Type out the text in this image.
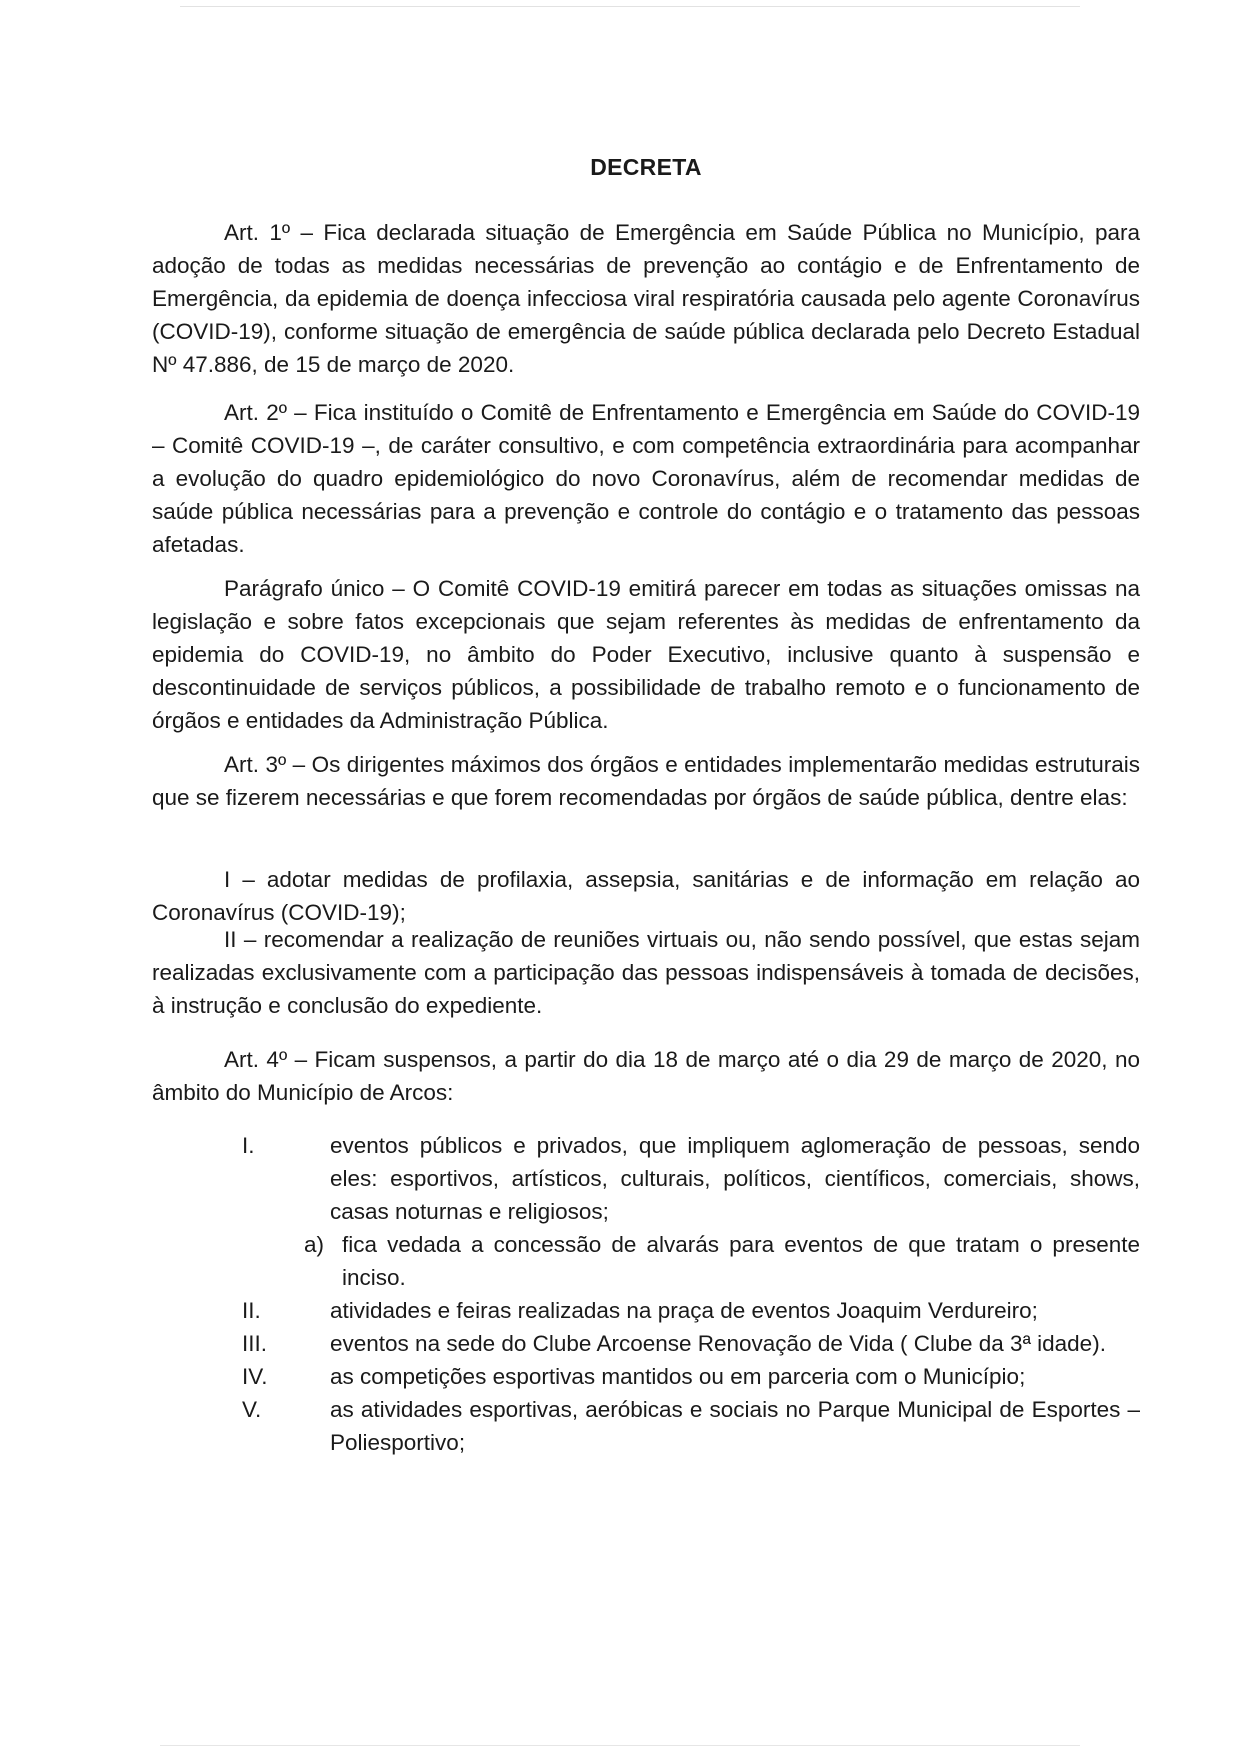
DECRETA

Art. 1º – Fica declarada situação de Emergência em Saúde Pública no Município, para adoção de todas as medidas necessárias de prevenção ao contágio e de Enfrentamento de Emergência, da epidemia de doença infecciosa viral respiratória causada pelo agente Coronavírus (COVID-19), conforme situação de emergência de saúde pública declarada pelo Decreto Estadual Nº 47.886, de 15 de março de 2020.

Art. 2º – Fica instituído o Comitê de Enfrentamento e Emergência em Saúde do COVID-19 – Comitê COVID-19 –, de caráter consultivo, e com competência extraordinária para acompanhar a evolução do quadro epidemiológico do novo Coronavírus, além de recomendar medidas de saúde pública necessárias para a prevenção e controle do contágio e o tratamento das pessoas afetadas.

Parágrafo único – O Comitê COVID-19 emitirá parecer em todas as situações omissas na legislação e sobre fatos excepcionais que sejam referentes às medidas de enfrentamento da epidemia do COVID-19, no âmbito do Poder Executivo, inclusive quanto à suspensão e descontinuidade de serviços públicos, a possibilidade de trabalho remoto e o funcionamento de órgãos e entidades da Administração Pública.

Art. 3º – Os dirigentes máximos dos órgãos e entidades implementarão medidas estruturais que se fizerem necessárias e que forem recomendadas por órgãos de saúde pública, dentre elas:

I – adotar medidas de profilaxia, assepsia, sanitárias e de informação em relação ao Coronavírus (COVID-19);

II – recomendar a realização de reuniões virtuais ou, não sendo possível, que estas sejam realizadas exclusivamente com a participação das pessoas indispensáveis à tomada de decisões, à instrução e conclusão do expediente.

Art. 4º – Ficam suspensos, a partir do dia 18 de março até o dia 29 de março de 2020, no âmbito do Município de Arcos:

I.	eventos públicos e privados, que impliquem aglomeração de pessoas, sendo eles: esportivos, artísticos, culturais, políticos, científicos, comerciais, shows, casas noturnas e religiosos;
a) fica vedada a concessão de alvarás para eventos de que tratam o presente inciso.
II.	atividades e feiras realizadas na praça de eventos Joaquim Verdureiro;
III.	eventos na sede do Clube Arcoense Renovação de Vida ( Clube da 3ª idade).
IV.	as competições esportivas mantidos ou em parceria com o Município;
V.	as atividades esportivas, aeróbicas e sociais no Parque Municipal de Esportes – Poliesportivo;
